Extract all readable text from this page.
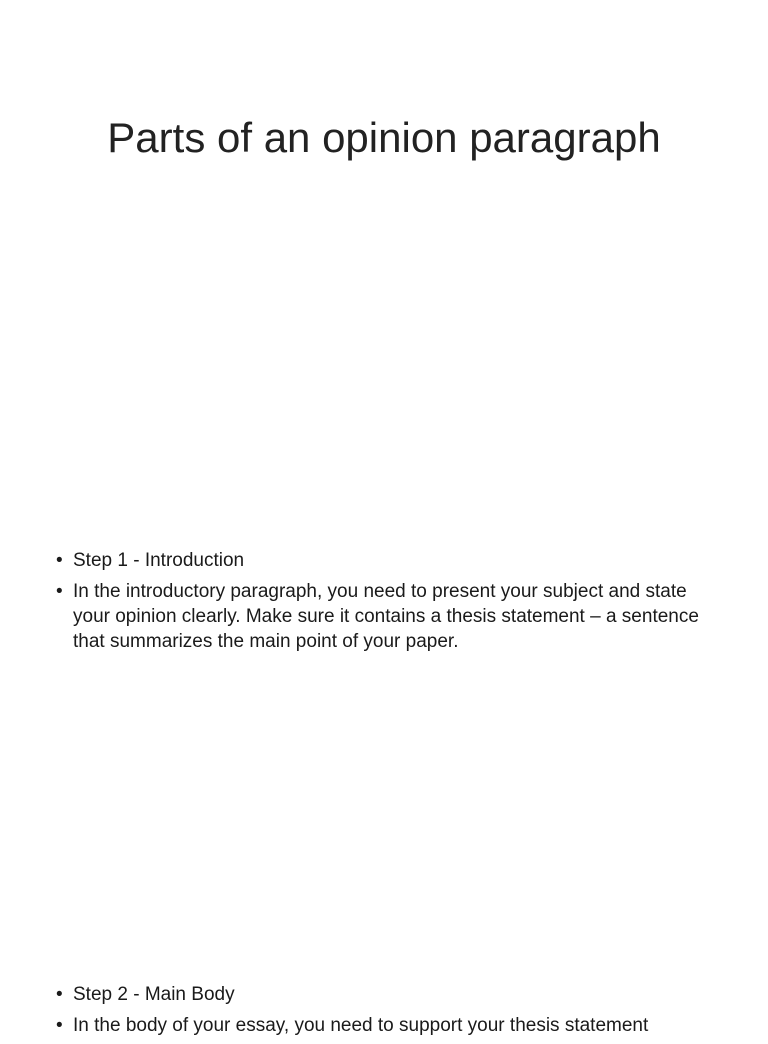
Parts of an opinion paragraph
• Step 1 - Introduction
• In the introductory paragraph, you need to present your subject and state your opinion clearly. Make sure it contains a thesis statement – a sentence that summarizes the main point of your paper.
• Step 2 - Main Body
• In the body of your essay, you need to support your thesis statement
